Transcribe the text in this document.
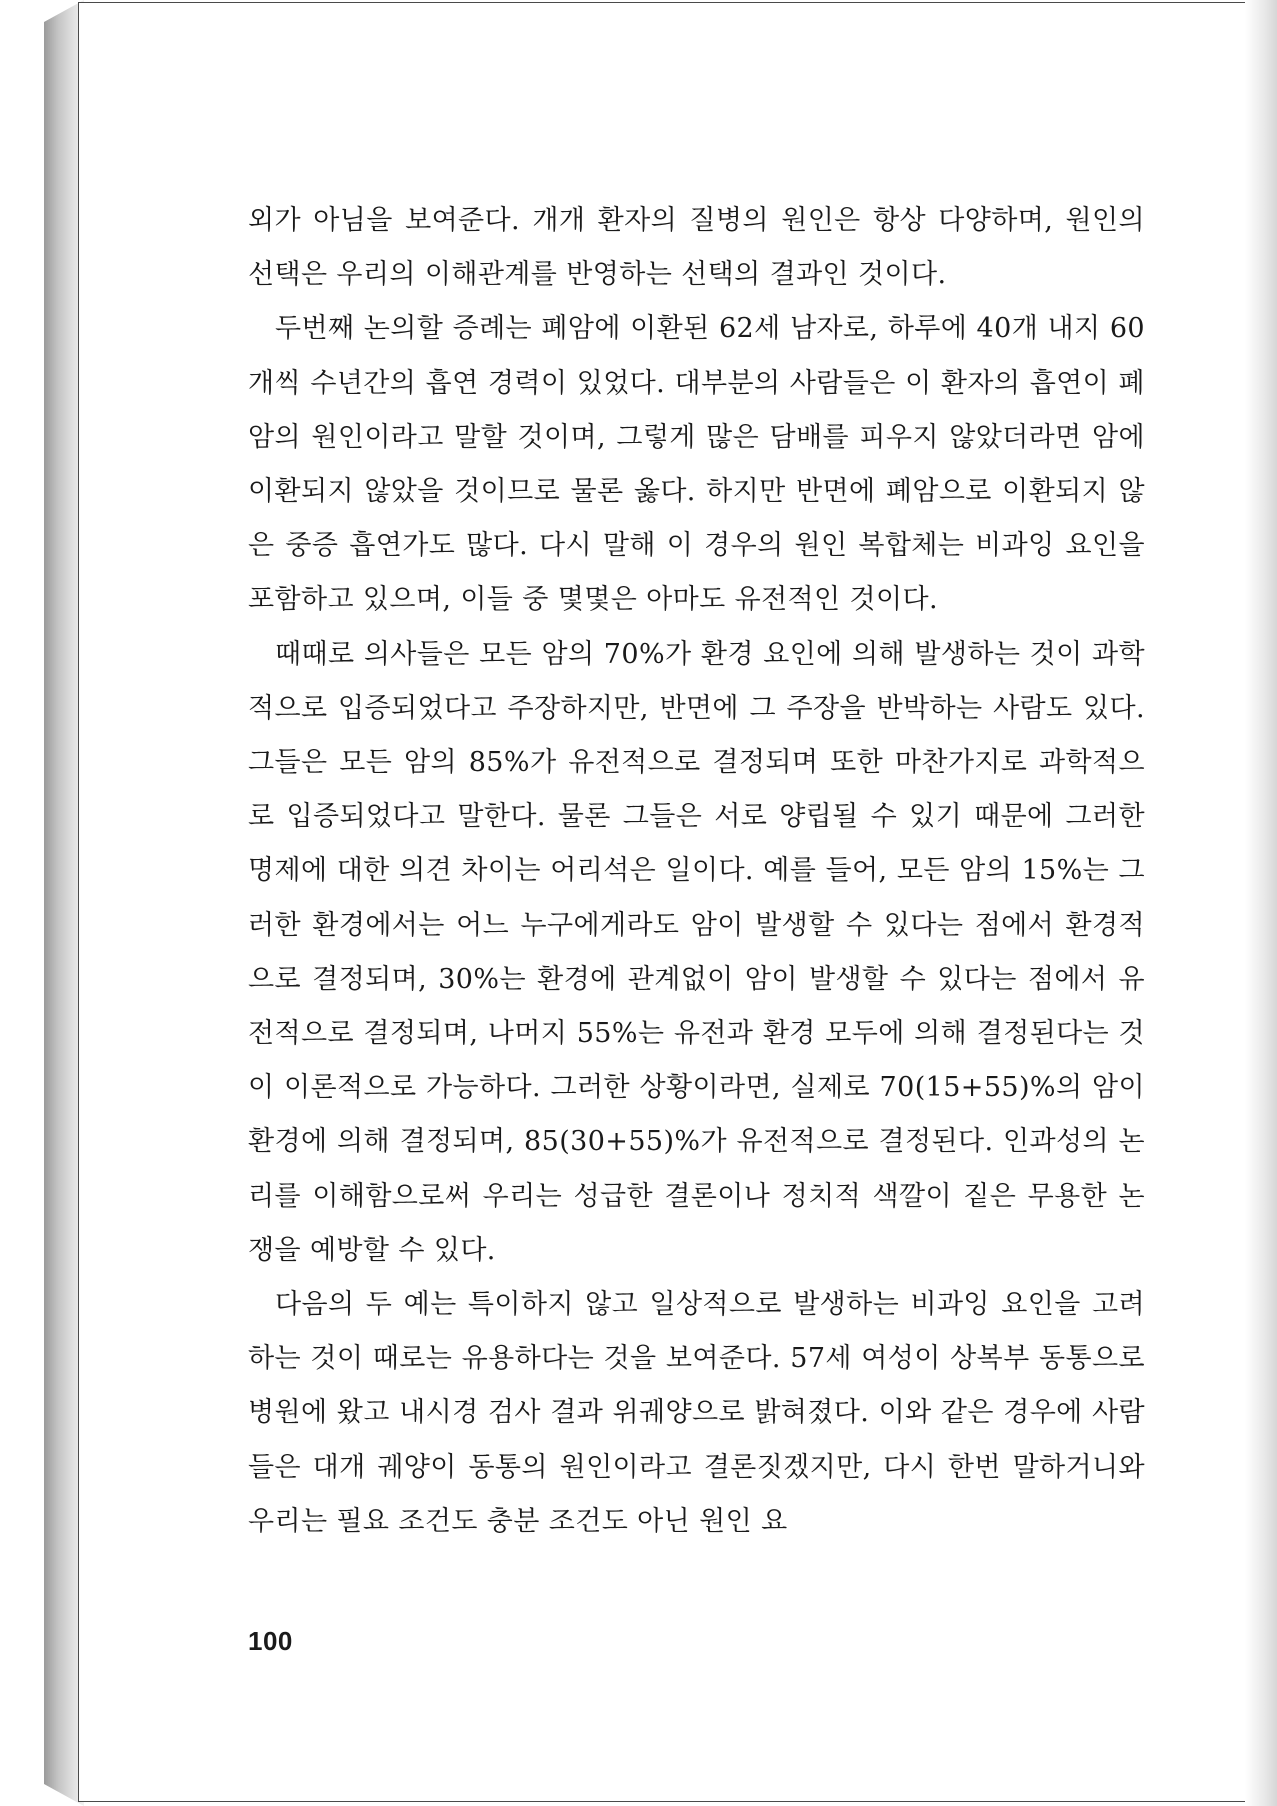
외가 아님을 보여준다. 개개 환자의 질병의 원인은 항상 다양하며, 원인의 선택은 우리의 이해관계를 반영하는 선택의 결과인 것이다.

두번째 논의할 증례는 폐암에 이환된 62세 남자로, 하루에 40개 내지 60개씩 수년간의 흡연 경력이 있었다. 대부분의 사람들은 이 환자의 흡연이 폐암의 원인이라고 말할 것이며, 그렇게 많은 담배를 피우지 않았더라면 암에 이환되지 않았을 것이므로 물론 옳다. 하지만 반면에 폐암으로 이환되지 않은 중증 흡연가도 많다. 다시 말해 이 경우의 원인 복합체는 비과잉 요인을 포함하고 있으며, 이들 중 몇몇은 아마도 유전적인 것이다.

때때로 의사들은 모든 암의 70%가 환경 요인에 의해 발생하는 것이 과학적으로 입증되었다고 주장하지만, 반면에 그 주장을 반박하는 사람도 있다. 그들은 모든 암의 85%가 유전적으로 결정되며 또한 마찬가지로 과학적으로 입증되었다고 말한다. 물론 그들은 서로 양립될 수 있기 때문에 그러한 명제에 대한 의견 차이는 어리석은 일이다. 예를 들어, 모든 암의 15%는 그러한 환경에서는 어느 누구에게라도 암이 발생할 수 있다는 점에서 환경적으로 결정되며, 30%는 환경에 관계없이 암이 발생할 수 있다는 점에서 유전적으로 결정되며, 나머지 55%는 유전과 환경 모두에 의해 결정된다는 것이 이론적으로 가능하다. 그러한 상황이라면, 실제로 70(15+55)%의 암이 환경에 의해 결정되며, 85(30+55)%가 유전적으로 결정된다. 인과성의 논리를 이해함으로써 우리는 성급한 결론이나 정치적 색깔이 짙은 무용한 논쟁을 예방할 수 있다.

다음의 두 예는 특이하지 않고 일상적으로 발생하는 비과잉 요인을 고려하는 것이 때로는 유용하다는 것을 보여준다. 57세 여성이 상복부 동통으로 병원에 왔고 내시경 검사 결과 위궤양으로 밝혀졌다. 이와 같은 경우에 사람들은 대개 궤양이 동통의 원인이라고 결론짓겠지만, 다시 한번 말하거니와 우리는 필요 조건도 충분 조건도 아닌 원인 요

100
